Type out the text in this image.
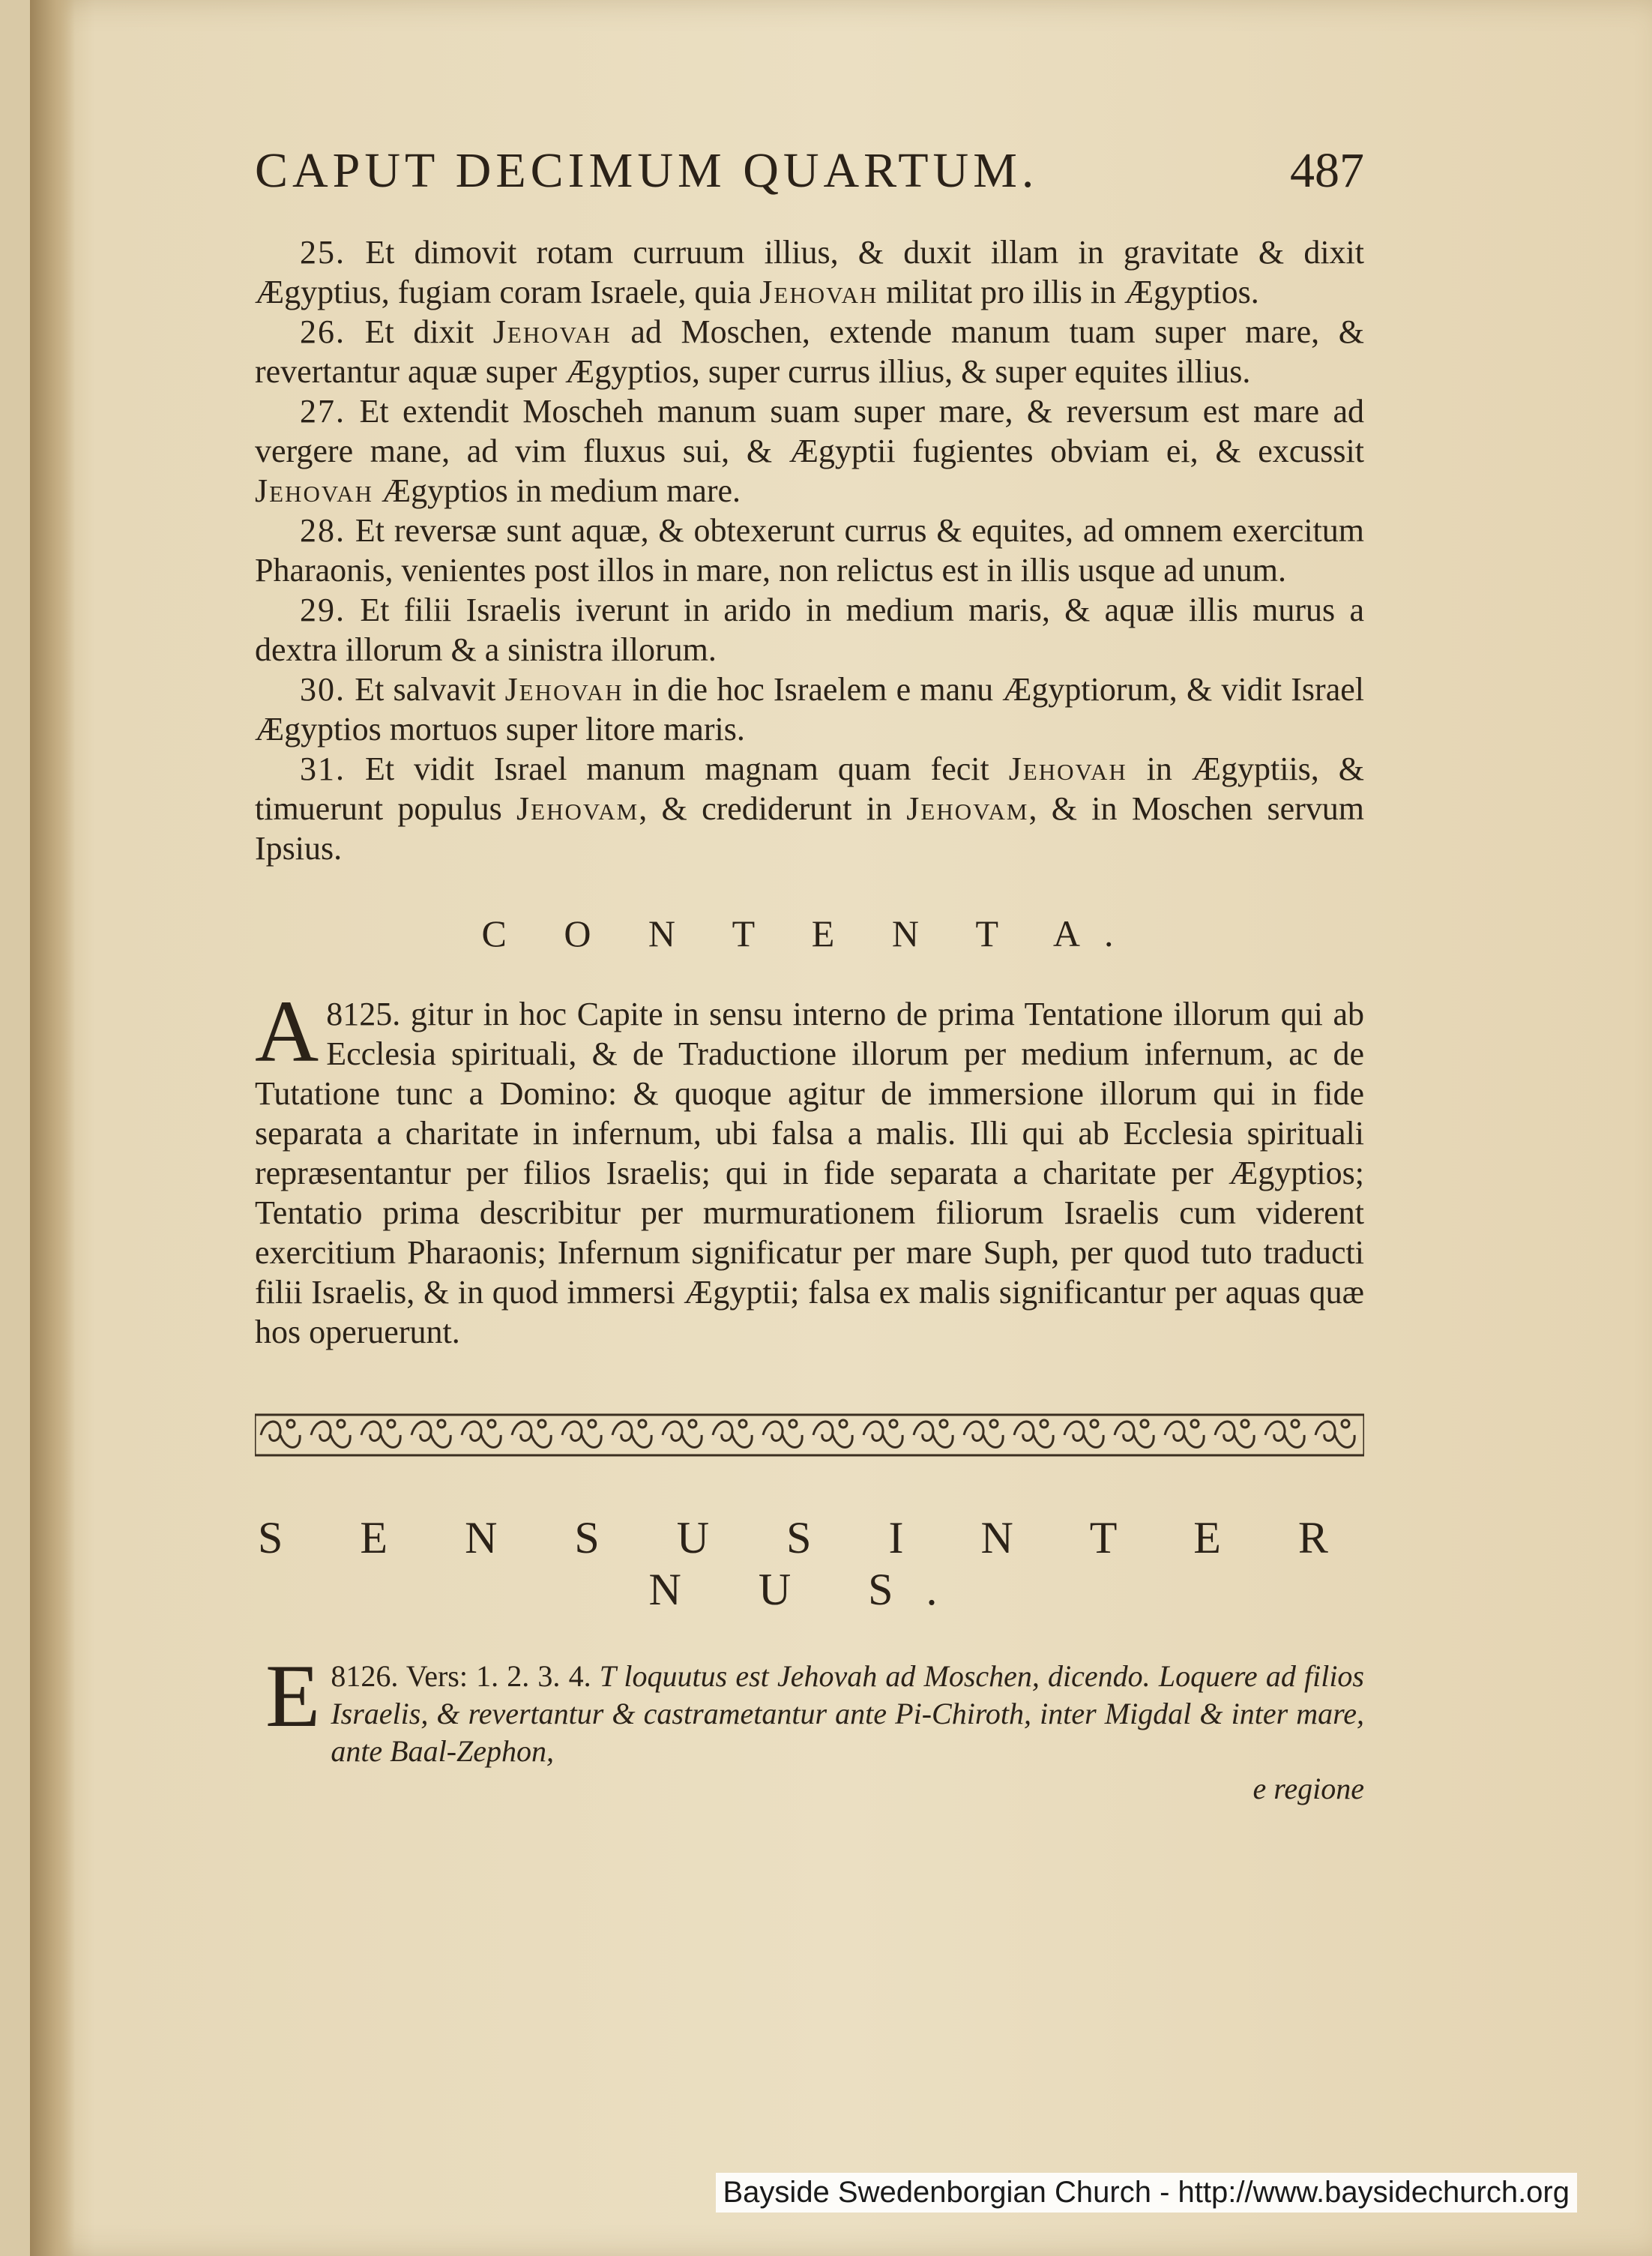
CAPUT DECIMUM QUARTUM.	487

25. Et dimovit rotam curruum illius, & duxit illam in gravitate & dixit Ægyptius, fugiam coram Israele, quia Jehovah militat pro illis in Ægyptios.

26. Et dixit Jehovah ad Moschen, extende manum tuam super mare, & revertantur aquæ super Ægyptios, super currus illius, & super equites illius.

27. Et extendit Moscheh manum suam super mare, & reversum est mare ad vergere mane, ad vim fluxus sui, & Ægyptii fugientes obviam ei, & excussit Jehovah Ægyptios in medium mare.

28. Et reversæ sunt aquæ, & obtexerunt currus & equites, ad omnem exercitum Pharaonis, venientes post illos in mare, non relictus est in illis usque ad unum.

29. Et filii Israelis iverunt in arido in medium maris, & aquæ illis murus a dextra illorum & a sinistra illorum.

30. Et salvavit Jehovah in die hoc Israelem e manu Ægyptiorum, & vidit Israel Ægyptios mortuos super litore maris.

31. Et vidit Israel manum magnam quam fecit Jehovah in Ægyptiis, & timuerunt populus Jehovam, & crediderunt in Jehovam, & in Moschen servum Ipsius.

C O N T E N T A.
8125.
A	gitur in hoc Capite in sensu interno de prima Tentatione illorum qui ab Ecclesia spirituali, & de Traductione illorum per medium infernum, ac de Tutatione tunc a Domino: & quoque agitur de immersione illorum qui in fide separata a charitate in infernum, ubi falsa a malis. Illi qui ab Ecclesia spirituali repræsentantur per filios Israelis; qui in fide separata a charitate per Ægyptios; Tentatio prima describitur per murmurationem filiorum Israelis cum viderent exercitium Pharaonis; Infernum significatur per mare Suph, per quod tuto traducti filii Israelis, & in quod immersi Ægyptii; falsa ex malis significantur per aquas quæ hos operuerunt.
S E N S U S I N T E R N U S.
8126. Vers: 1. 2. 3. 4.
E	T loquutus est Jehovah ad Moschen, dicendo. Loquere ad filios Israelis, & revertantur & castrametantur ante Pi-Chiroth, inter Migdal & inter mare, ante Baal-Zephon,
e regione
Bayside Swedenborgian Church - http://www.baysidechurch.org
